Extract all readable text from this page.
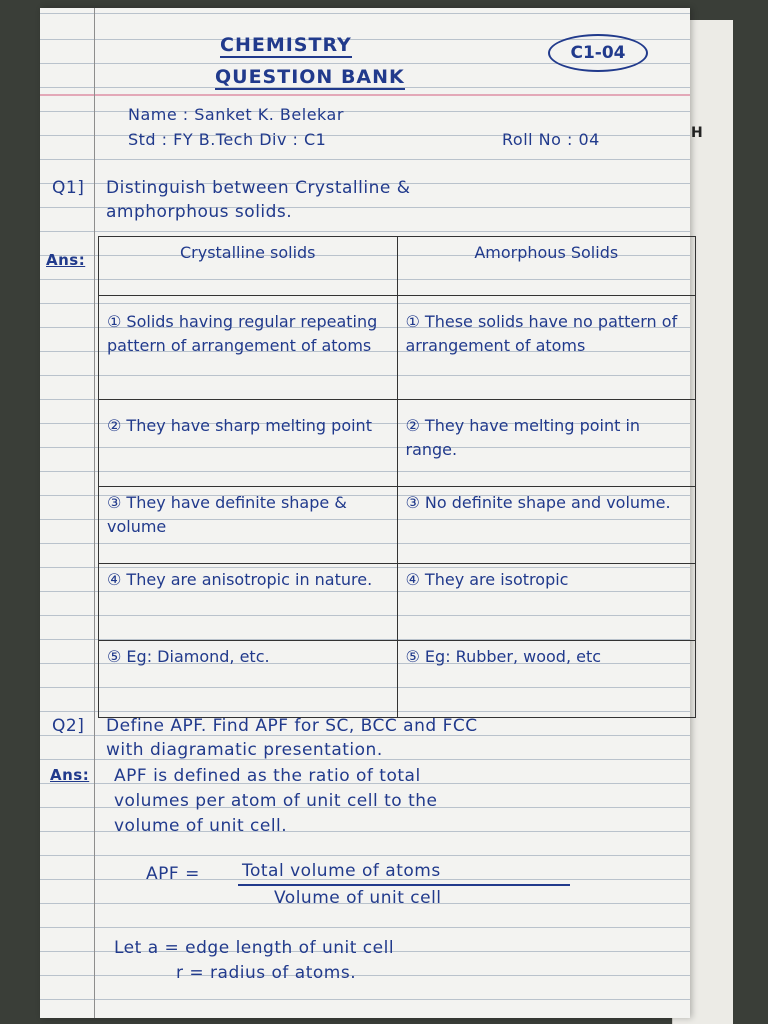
H
CHEMISTRY
QUESTION BANK
C1-04
Name : Sanket K. Belekar
Std : FY B.Tech Div : C1	Roll No : 04
Q1] Distinguish between Crystalline &
amphorphous solids.
Ans:	Crystalline solids	Amorphous Solids
① Solids having regular repeating pattern of arrangement of atoms	① These solids have no pattern of arrangement of atoms
② They have sharp melting point	② They have melting point in range.
③ They have definite shape & volume	③ No definite shape and volume.
④ They are anisotropic in nature.	④ They are isotropic
⑤ Eg: Diamond, etc.	⑤ Eg: Rubber, wood, etc
Q2] Define APF. Find APF for SC, BCC and FCC
with diagramatic presentation.
Ans: APF is defined as the ratio of total
volumes per atom of unit cell to the
volume of unit cell.
APF = Total volume of atoms
Volume of unit cell
Let a = edge length of unit cell
r = radius of atoms.
